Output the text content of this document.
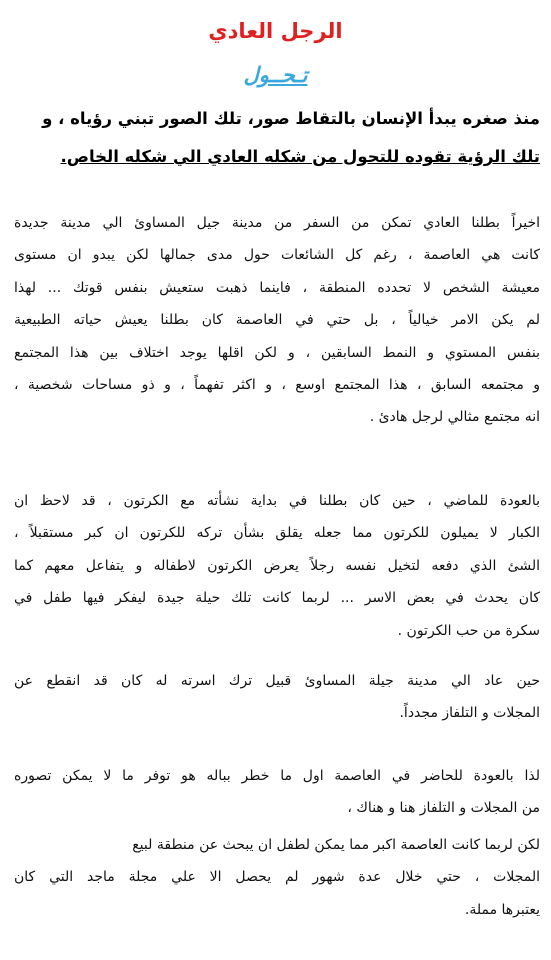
الرجل العادي
تـحــول
منذ صغره يبدأ الإنسان بالتقاط صور، تلك الصور تبني رؤياه ، و
تلك الرؤية تقوده للتحول من شكله العادي الي شكله الخاص.
اخيراً بطلنا العادي تمكن من السفر من مدينة جيل المساوئ الي مدينة جديدة
كانت هي العاصمة ، رغم كل الشائعات حول مدى جمالها لكن يبدو ان مستوى
معيشة الشخص لا تحدده المنطقة ، فاينما ذهبت ستعيش بنفس قوتك ... لهذا
لم يكن الامر خيالياً ، بل حتي في العاصمة كان بطلنا يعيش حياته الطبيعية
بنفس المستوي و النمط السابقين ، و لكن اقلها يوجد اختلاف بين هذا المجتمع
و مجتمعه السابق ، هذا المجتمع اوسع ، و اكثر تفهماً ، و ذو مساحات شخصية ،
انه مجتمع مثالي لرجل هادئ .
بالعودة للماضي ، حين كان بطلنا في بداية نشأته مع الكرتون ، قد لاحظ ان
الكبار لا يميلون للكرتون مما جعله يقلق بشأن تركه للكرتون ان كبر مستقبلاً ،
الشئ الذي دفعه لتخيل نفسه رجلاً يعرض الكرتون لاطفاله و يتفاعل معهم كما
كان يحدث في بعض الاسر ... لربما كانت تلك حيلة جيدة ليفكر فيها طفل في
سكرة من حب الكرتون .
حين عاد الي مدينة جيلة المساوئ قبيل ترك اسرته له كان قد انقطع عن
المجلات و التلفاز مجدداً.
لذا بالعودة للحاضر في العاصمة اول ما خطر بباله هو توفر ما لا يمكن تصوره
من المجلات و التلفاز هنا و هناك ،
لكن لربما كانت العاصمة اكبر مما يمكن لطفل ان يبحث عن منطقة لبيع
المجلات ، حتي خلال عدة شهور لم يحصل الا علي مجلة ماجد التي كان
يعتبرها مملة.
